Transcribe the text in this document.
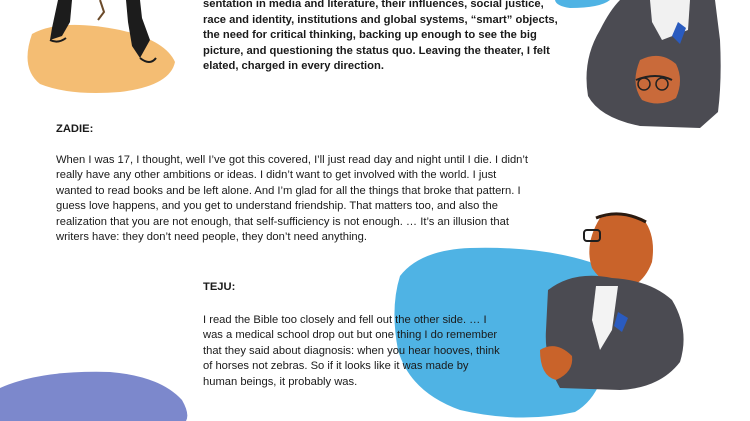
sentation in media and literature, their influences, social justice, race and identity, institutions and global systems, “smart” objects, the need for critical thinking, backing up enough to see the big picture, and questioning the status quo. Leaving the theater, I felt elated, charged in every direction.

ZADIE:

When I was 17, I thought, well I’ve got this covered, I’ll just read day and night until I die. I didn’t really have any other ambitions or ideas. I didn’t want to get involved with the world. I just wanted to read books and be left alone. And I’m glad for all the things that broke that pattern. I guess love happens, and you get to understand friendship. That matters too, and also the realization that you are not enough, that self-sufficiency is not enough. … It’s an illusion that writers have: they don’t need people, they don’t need anything.

TEJU:

I read the Bible too closely and fell out the other side. … I was a medical school drop out but one thing I do remember that they said about diagnosis: when you hear hooves, think of horses not zebras. So if it looks like it was made by human beings, it probably was.
